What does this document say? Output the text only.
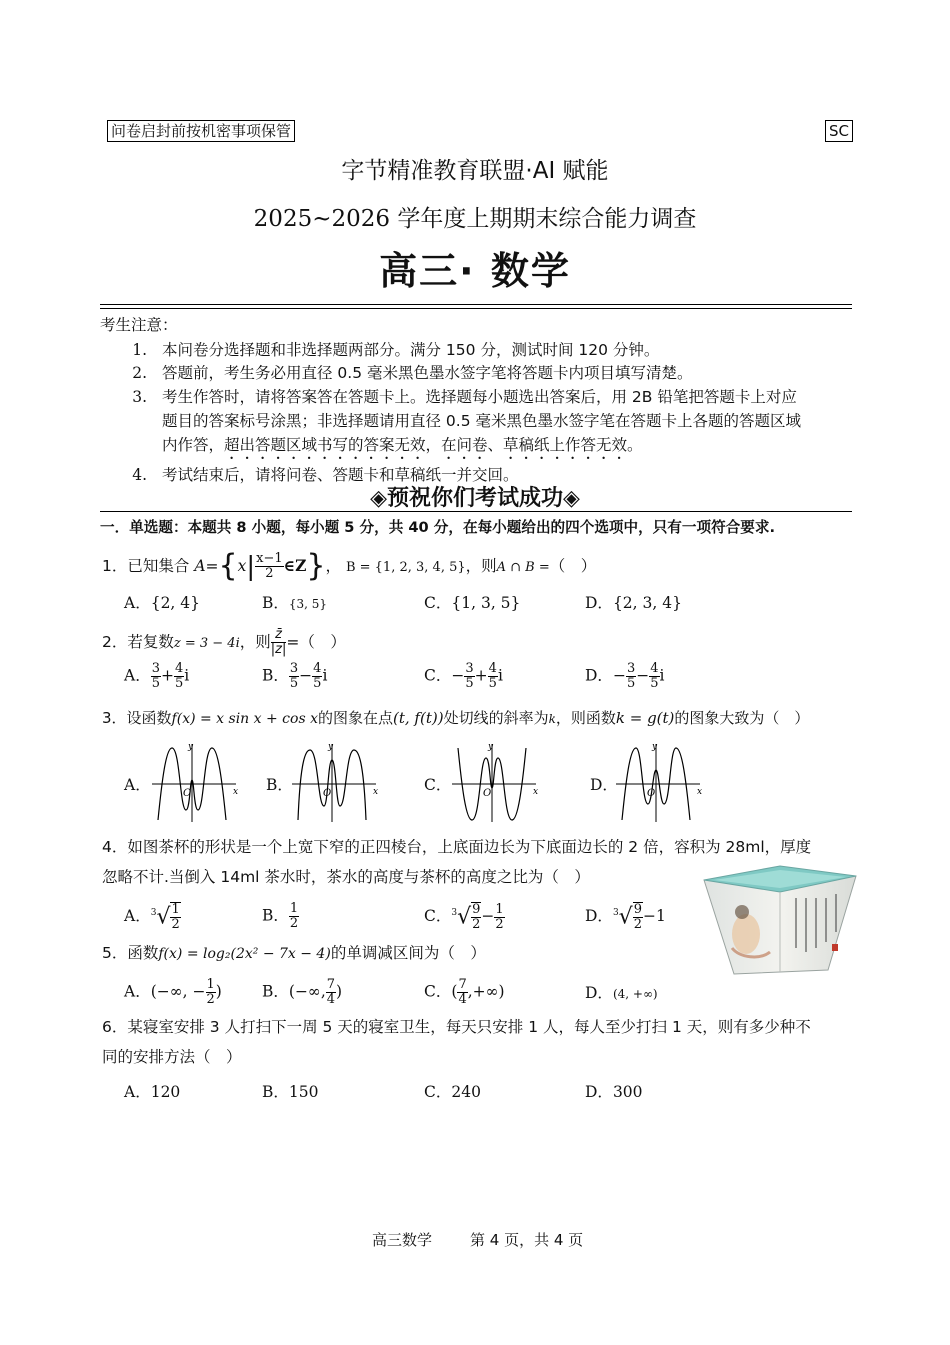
问卷启封前按机密事项保管	SC
字节精准教育联盟·AI 赋能
2025~2026 学年度上期期末综合能力调查
高三· 数学
考生注意：
1. 本问卷分选择题和非选择题两部分。满分 150 分，测试时间 120 分钟。
2. 答题前，考生务必用直径 0.5 毫米黑色墨水签字笔将答题卡内项目填写清楚。
3. 考生作答时，请将答案答在答题卡上。选择题每小题选出答案后，用 2B 铅笔把答题卡上对应
题目的答案标号涂黑；非选择题请用直径 0.5 毫米黑色墨水签字笔在答题卡上各题的答题区域
内作答，超出答题区域书写的答案无效，在问卷、草稿纸上作答无效。
4. 考试结束后，请将问卷、答题卡和草稿纸一并交回。
◈预祝你们考试成功◈
一．单选题：本题共 8 小题，每小题 5 分，共 40 分，在每小题给出的四个选项中，只有一项符合要求.
1．已知集合 $A=\{x| \frac{x-1}{2}$ ∈Z}， B = {1, 2, 3, 4, 5}，则A ∩ B =（　）
A．{2, 4}	B．{3, 5}	C．{1, 3, 5}	D．{2, 3, 4}
2．若复数z = 3 − 4i，则 $\frac{z̄}{|z|}$ =（　）
A． $\frac{3}{5} + \frac{4}{5}$ i	B． $\frac{3}{5} - \frac{4}{5}$ i	C．− $\frac{3}{5} + \frac{4}{5}$ i	D．− $\frac{3}{5} - \frac{4}{5}$ i
3．设函数f(x) = x sin x + cos x的图象在点(t, f(t))处切线的斜率为k，则函数k = g(t)的图象大致为（　）
A．	B．	C．	D．
y
x
O
y
x
O
y
x
O
y
x
O
4．如图茶杯的形状是一个上宽下窄的正四棱台，上底面边长为下底面边长的 2 倍，容积为 28ml，厚度
忽略不计.当倒入 14ml 茶水时，茶水的高度与茶杯的高度之比为（　）
A．$^3√ \frac{1}{2}$	B． $\frac{1}{2}$	C．$^3√ \frac{9}{2} - \frac{1}{2}$	D．$^3√ \frac{9}{2} -1$
5．函数f(x) = log₂(2x² − 7x − 4)的单调减区间为（　）
A．(−∞, − $\frac{1}{2}$ )	B．(−∞, $\frac{7}{4}$ )	C．( $\frac{7}{4}$ ,+∞)	D．(4, +∞)
6．某寝室安排 3 人打扫下一周 5 天的寝室卫生，每天只安排 1 人，每人至少打扫 1 天，则有多少种不
同的安排方法（　）
A．120	B．150	C．240	D．300
高三数学	第 4 页，共 4 页
